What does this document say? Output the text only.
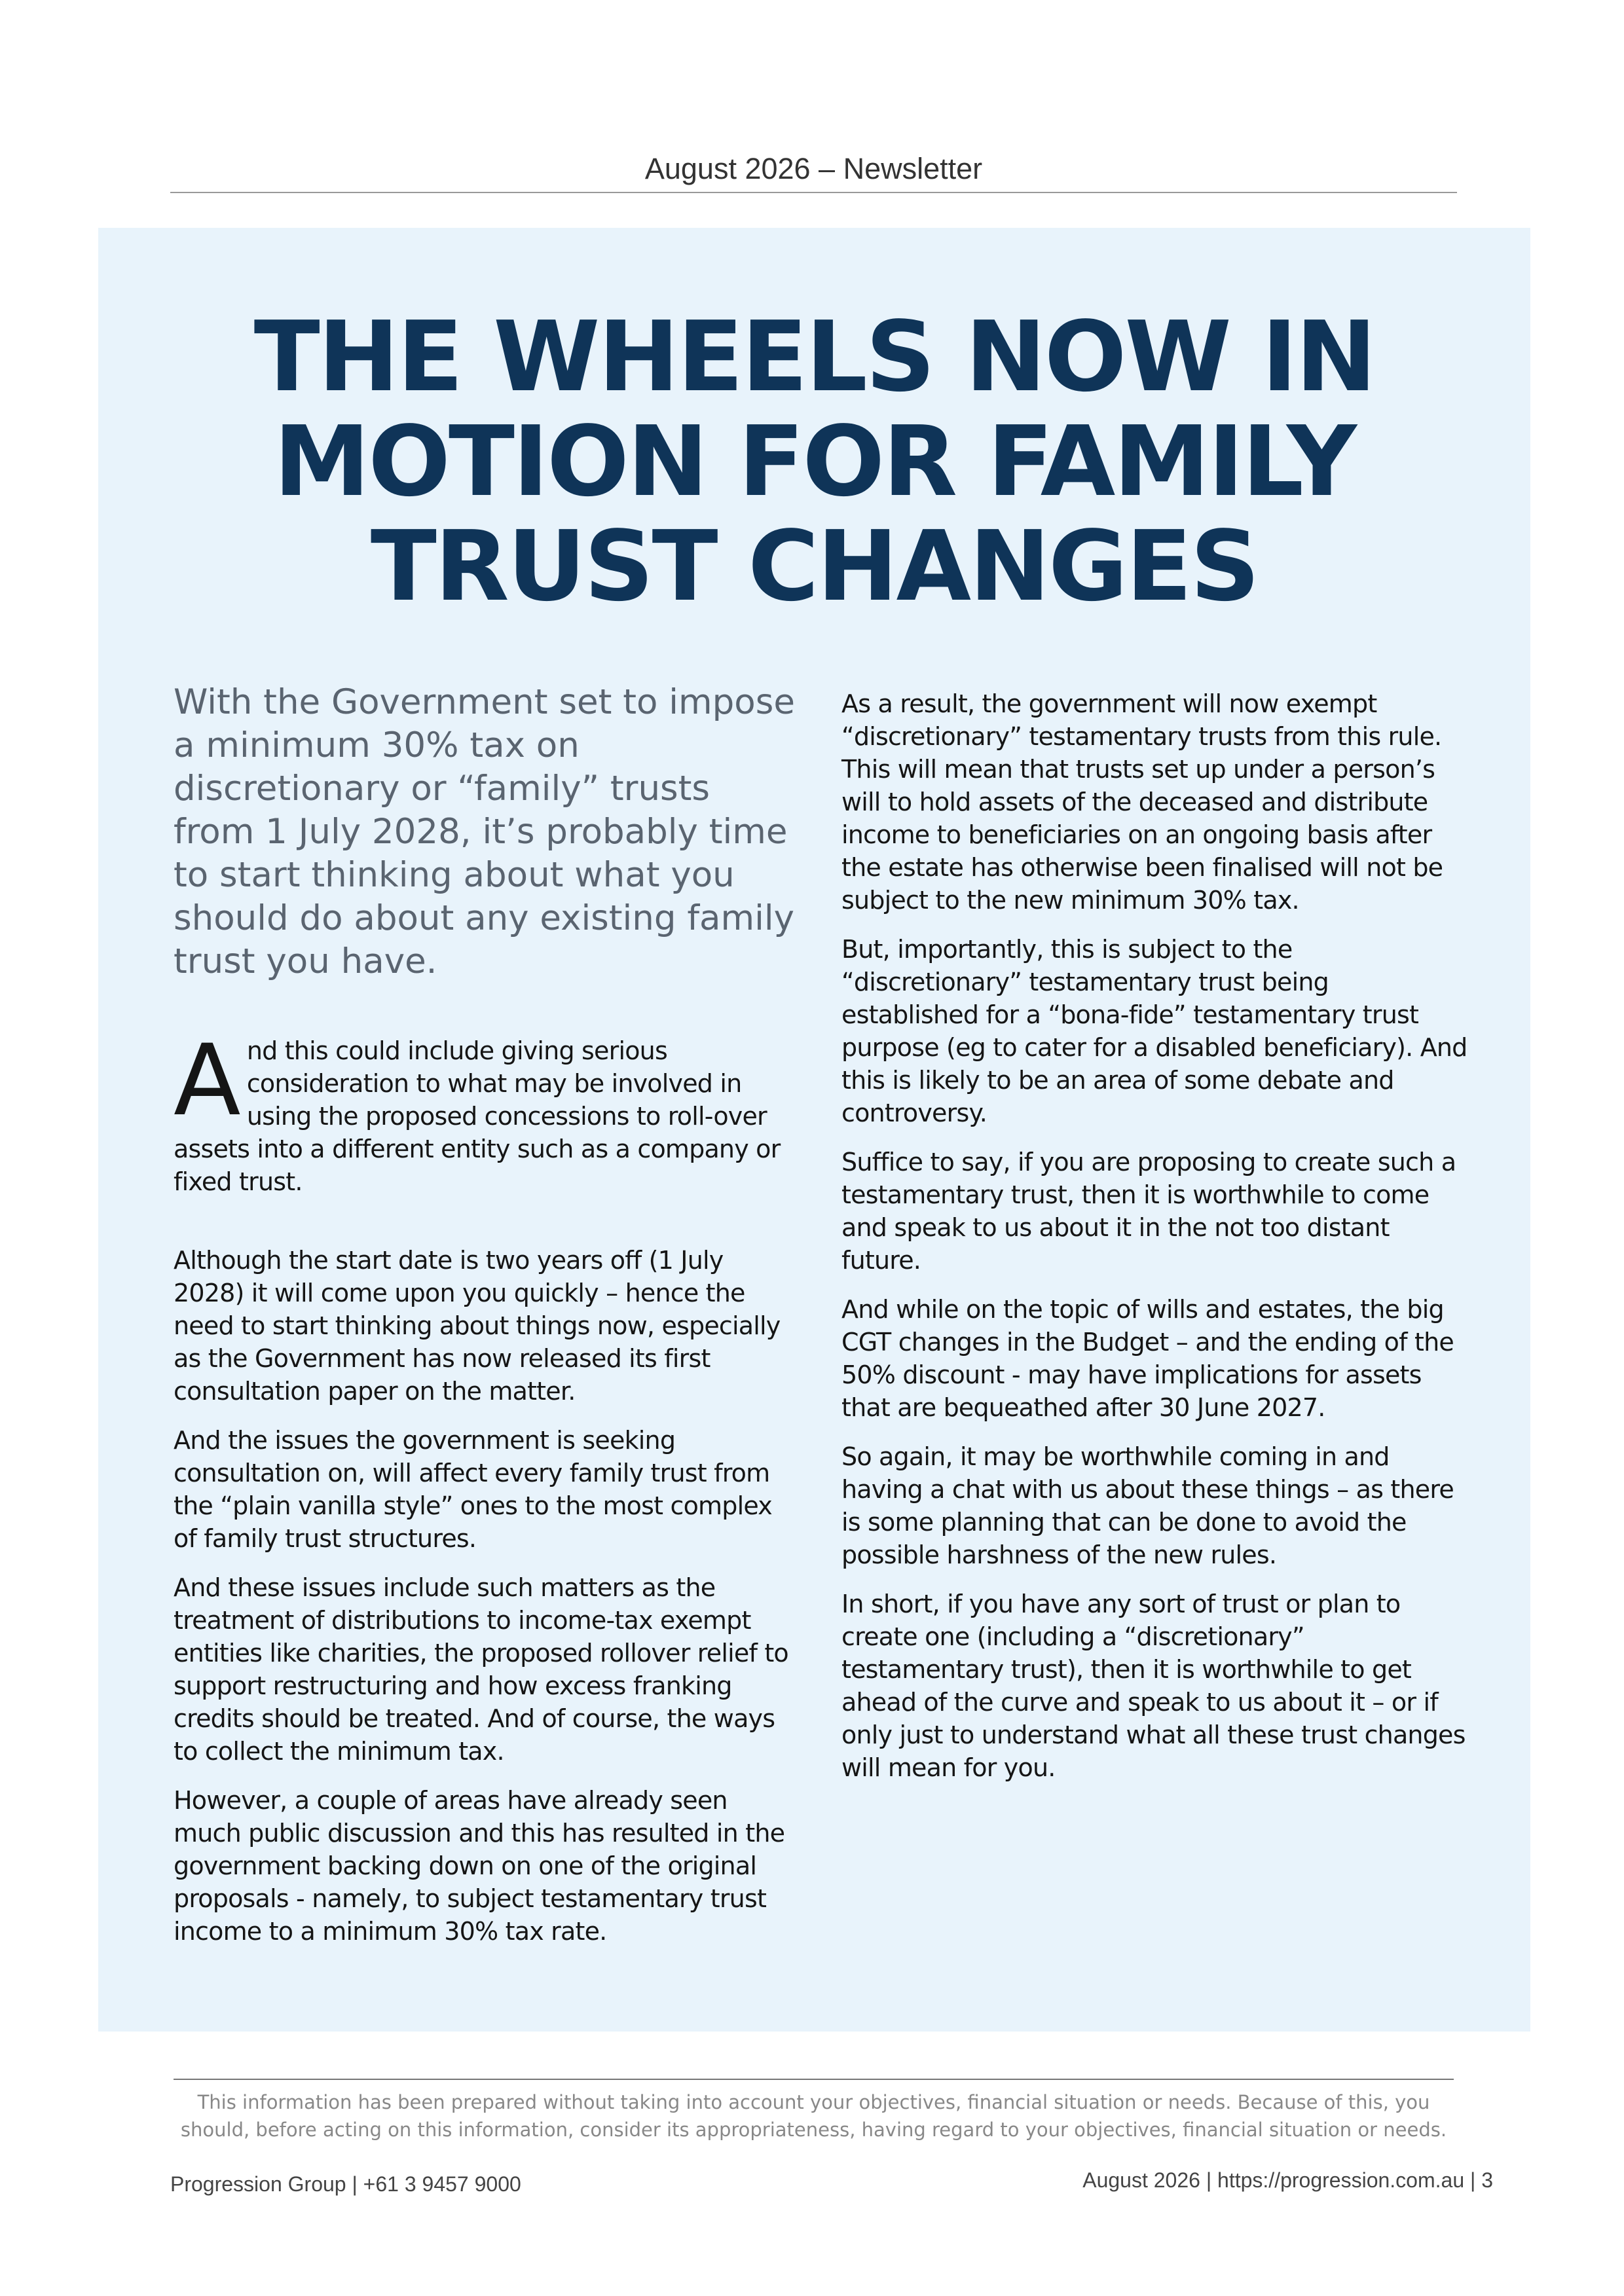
August 2026 – Newsletter
THE WHEELS NOW IN
MOTION FOR FAMILY
TRUST CHANGES

With the Government set to impose a minimum 30% tax on discretionary or “family” trusts from 1 July 2028, it’s probably time to start thinking about what you should do about any existing family trust you have.

And this could include giving serious consideration to what may be involved in using the proposed concessions to roll-over assets into a different entity such as a company or fixed trust.

Although the start date is two years off (1 July 2028) it will come upon you quickly – hence the need to start thinking about things now, especially as the Government has now released its first consultation paper on the matter.

And the issues the government is seeking consultation on, will affect every family trust from the “plain vanilla style” ones to the most complex of family trust structures.

And these issues include such matters as the treatment of distributions to income-tax exempt entities like charities, the proposed rollover relief to support restructuring and how excess franking credits should be treated. And of course, the ways to collect the minimum tax.

However, a couple of areas have already seen much public discussion and this has resulted in the government backing down on one of the original proposals - namely, to subject testamentary trust income to a minimum 30% tax rate.

As a result, the government will now exempt “discretionary” testamentary trusts from this rule. This will mean that trusts set up under a person’s will to hold assets of the deceased and distribute income to beneficiaries on an ongoing basis after the estate has otherwise been finalised will not be subject to the new minimum 30% tax.

But, importantly, this is subject to the “discretionary” testamentary trust being established for a “bona-fide” testamentary trust purpose (eg to cater for a disabled beneficiary). And this is likely to be an area of some debate and controversy.

Suffice to say, if you are proposing to create such a testamentary trust, then it is worthwhile to come and speak to us about it in the not too distant future.

And while on the topic of wills and estates, the big CGT changes in the Budget – and the ending of the 50% discount - may have implications for assets that are bequeathed after 30 June 2027.

So again, it may be worthwhile coming in and having a chat with us about these things – as there is some planning that can be done to avoid the possible harshness of the new rules.

In short, if you have any sort of trust or plan to create one (including a “discretionary” testamentary trust), then it is worthwhile to get ahead of the curve and speak to us about it – or if only just to understand what all these trust changes will mean for you.

This information has been prepared without taking into account your objectives, financial situation or needs. Because of this, you should, before acting on this information, consider its appropriateness, having regard to your objectives, financial situation or needs.

Progression Group | +61 3 9457 9000	August 2026 | https://progression.com.au | 3
